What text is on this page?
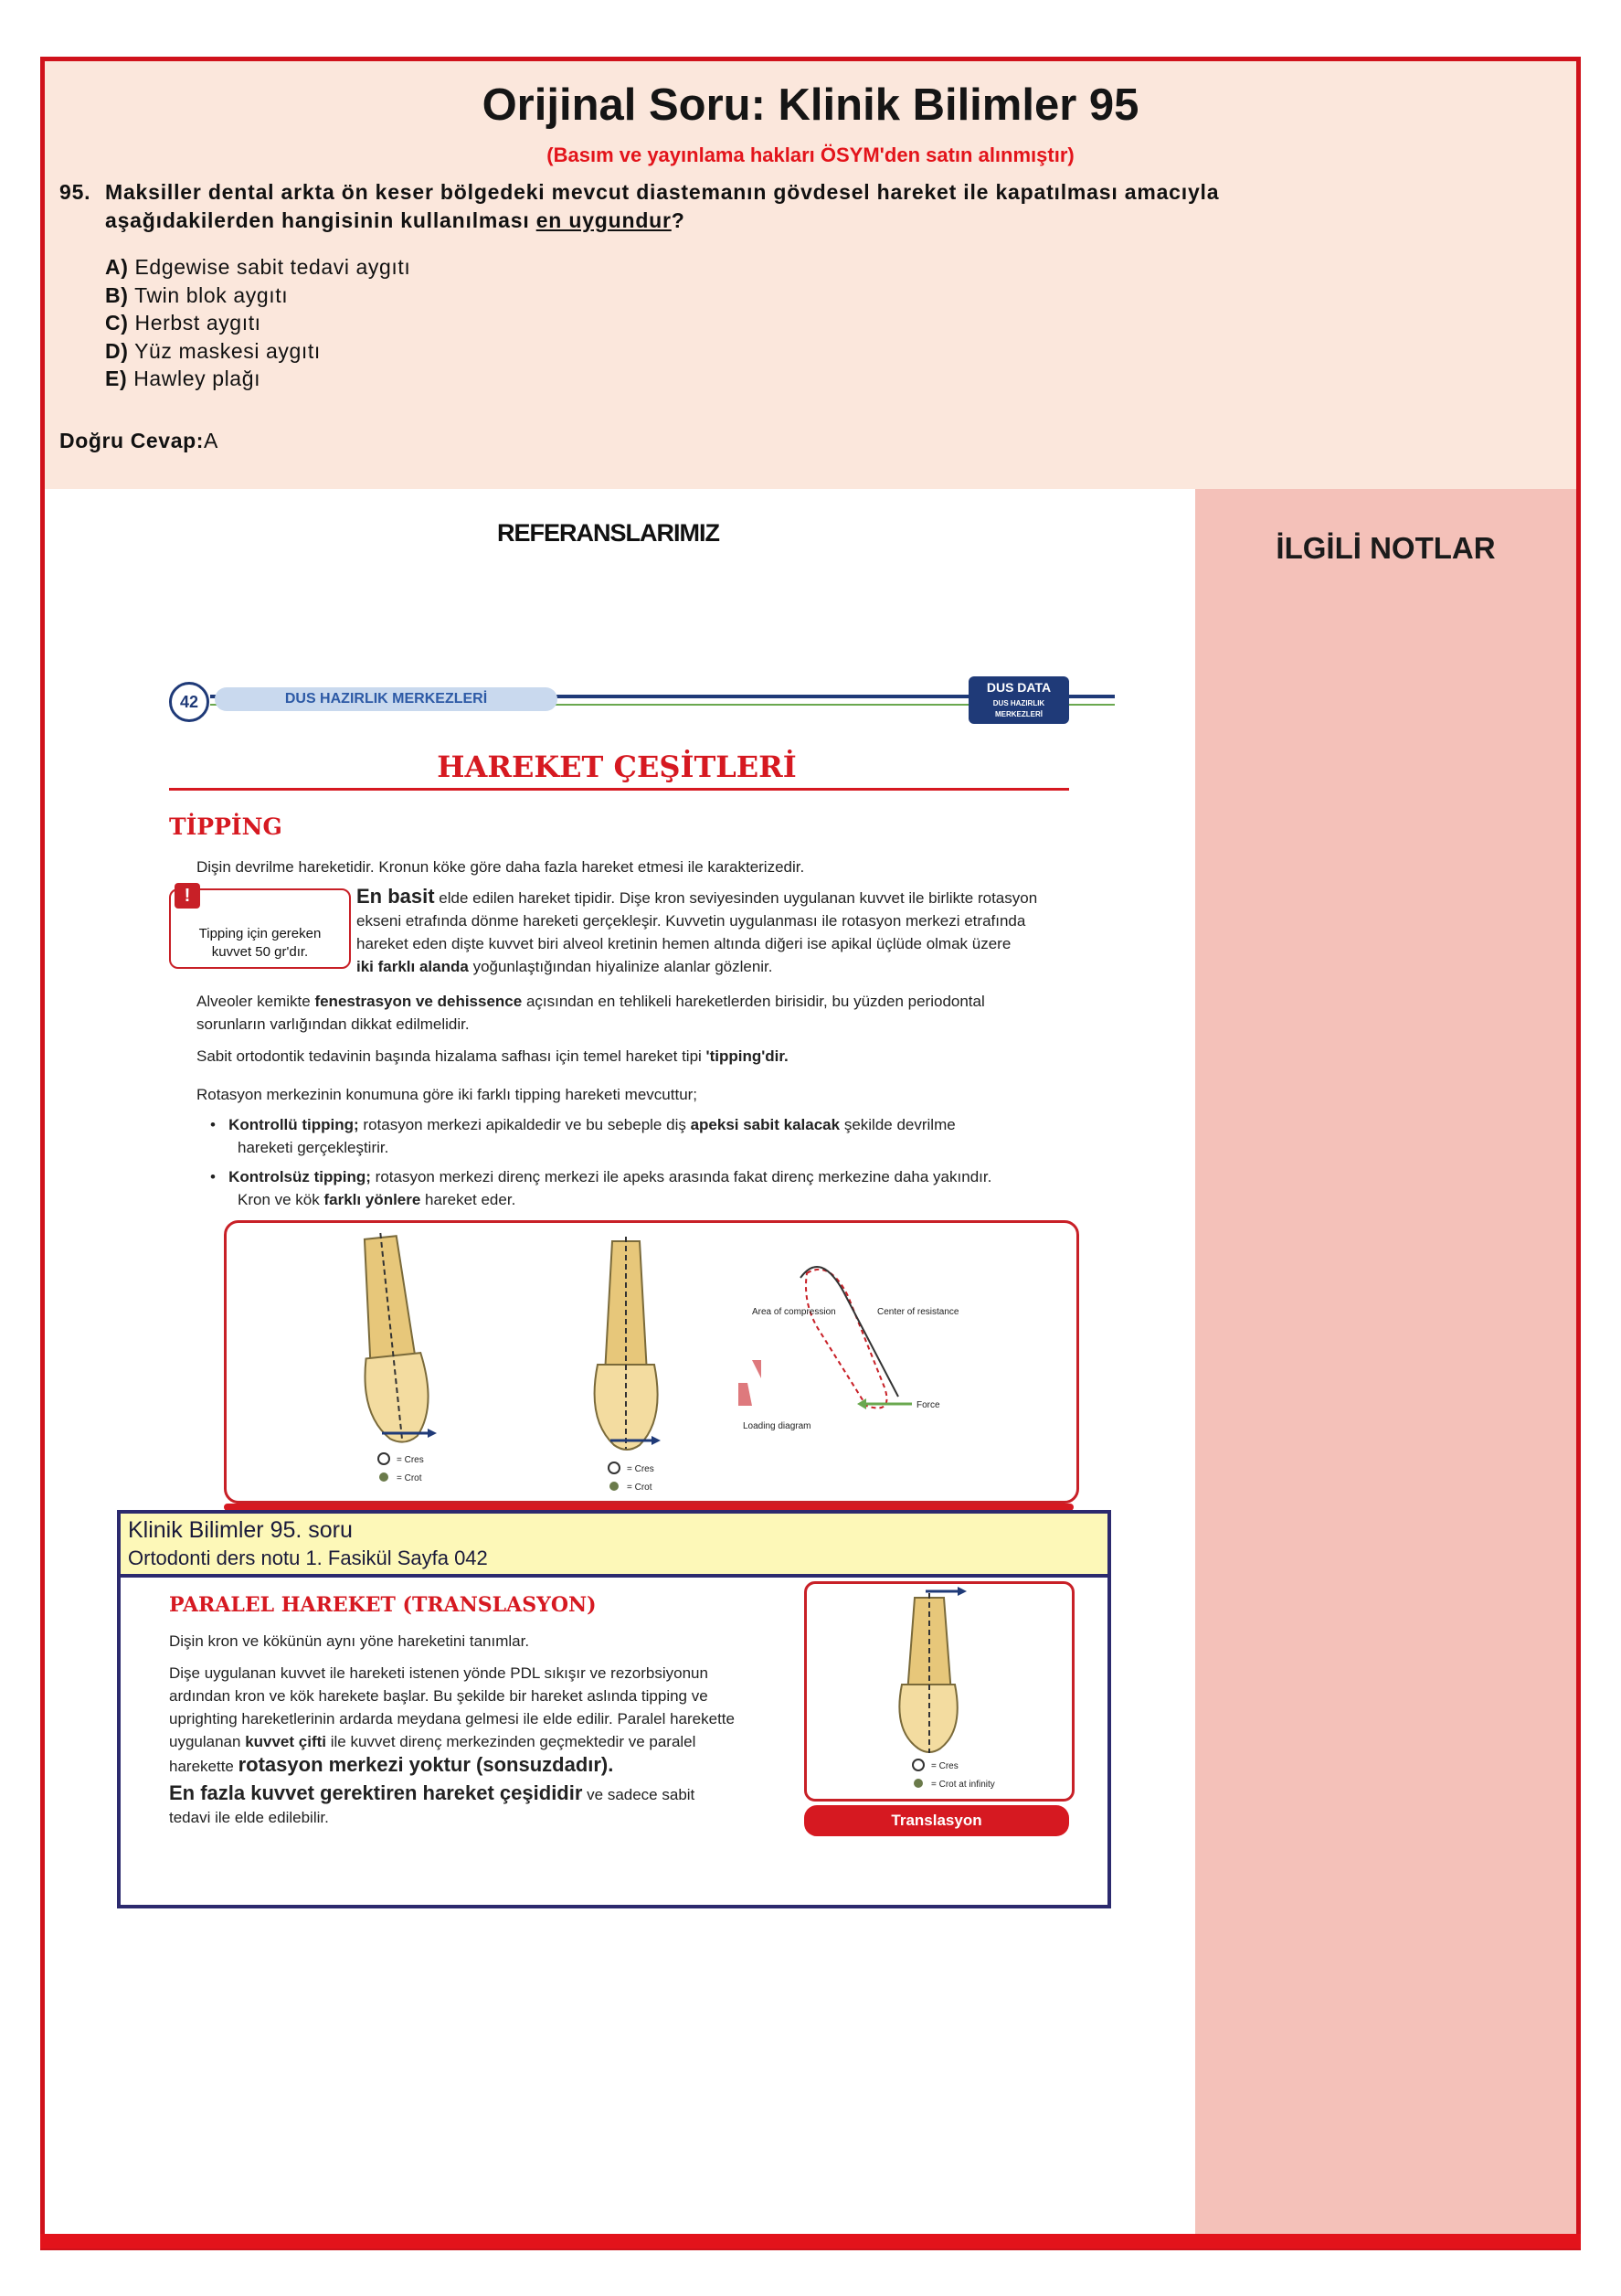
Orijinal Soru: Klinik Bilimler 95
(Basım ve yayınlama hakları ÖSYM'den satın alınmıştır)
95. Maksiller dental arkta ön keser bölgedeki mevcut diastemanın gövdesel hareket ile kapatılması amacıyla
aşağıdakilerden hangisinin kullanılması en uygundur?
A) Edgewise sabit tedavi aygıtı
B) Twin blok aygıtı
C) Herbst aygıtı
D) Yüz maskesi aygıtı
E) Hawley plağı
Doğru Cevap:A
İLGİLİ NOTLAR
REFERANSLARIMIZ
42	DUS HAZIRLIK MERKEZLERİ
DUS DATA
DUS HAZIRLIK MERKEZLERİ
HAREKET ÇEŞİTLERİ
TİPPİNG
Dişin devrilme hareketidir. Kronun köke göre daha fazla hareket etmesi ile karakterizedir.
!
Tipping için gereken kuvvet 50 gr'dır.
En basit elde edilen hareket tipidir. Dişe kron seviyesinden uygulanan kuvvet ile birlikte rotasyon
ekseni etrafında dönme hareketi gerçekleşir. Kuvvetin uygulanması ile rotasyon merkezi etrafında
hareket eden dişte kuvvet biri alveol kretinin hemen altında diğeri ise apikal üçlüde olmak üzere
iki farklı alanda yoğunlaştığından hiyalinize alanlar gözlenir.
Alveoler kemikte fenestrasyon ve dehissence açısından en tehlikeli hareketlerden birisidir, bu yüzden periodontal
sorunların varlığından dikkat edilmelidir.
Sabit ortodontik tedavinin başında hizalama safhası için temel hareket tipi 'tipping'dir.
Rotasyon merkezinin konumuna göre iki farklı tipping hareketi mevcuttur;
•   Kontrollü tipping; rotasyon merkezi apikaldedir ve bu sebeple diş apeksi sabit kalacak şekilde devrilme
hareketi gerçekleştirir.
•   Kontrolsüz tipping; rotasyon merkezi direnç merkezi ile apeks arasında fakat direnç merkezine daha yakındır.
Kron ve kök farklı yönlere hareket eder.
= Cres
= Crot
= Cres
= Crot
Area of compression	Center of resistance
Loading diagram
Force
PARALEL HAREKET (TRANSLASYON)
Dişin kron ve kökünün aynı yöne hareketini tanımlar.
Dişe uygulanan kuvvet ile hareketi istenen yönde PDL sıkışır ve rezorbsiyonun
ardından kron ve kök harekete başlar. Bu şekilde bir hareket aslında tipping ve
uprighting hareketlerinin ardarda meydana gelmesi ile elde edilir. Paralel harekette
uygulanan kuvvet çifti ile kuvvet direnç merkezinden geçmektedir ve paralel
harekette rotasyon merkezi yoktur (sonsuzdadır).
En fazla kuvvet gerektiren hareket çeşididir ve sadece sabit
tedavi ile elde edilebilir.
= Cres
= Crot at infinity
Translasyon
Klinik Bilimler 95. soru
Ortodonti ders notu 1. Fasikül Sayfa 042
